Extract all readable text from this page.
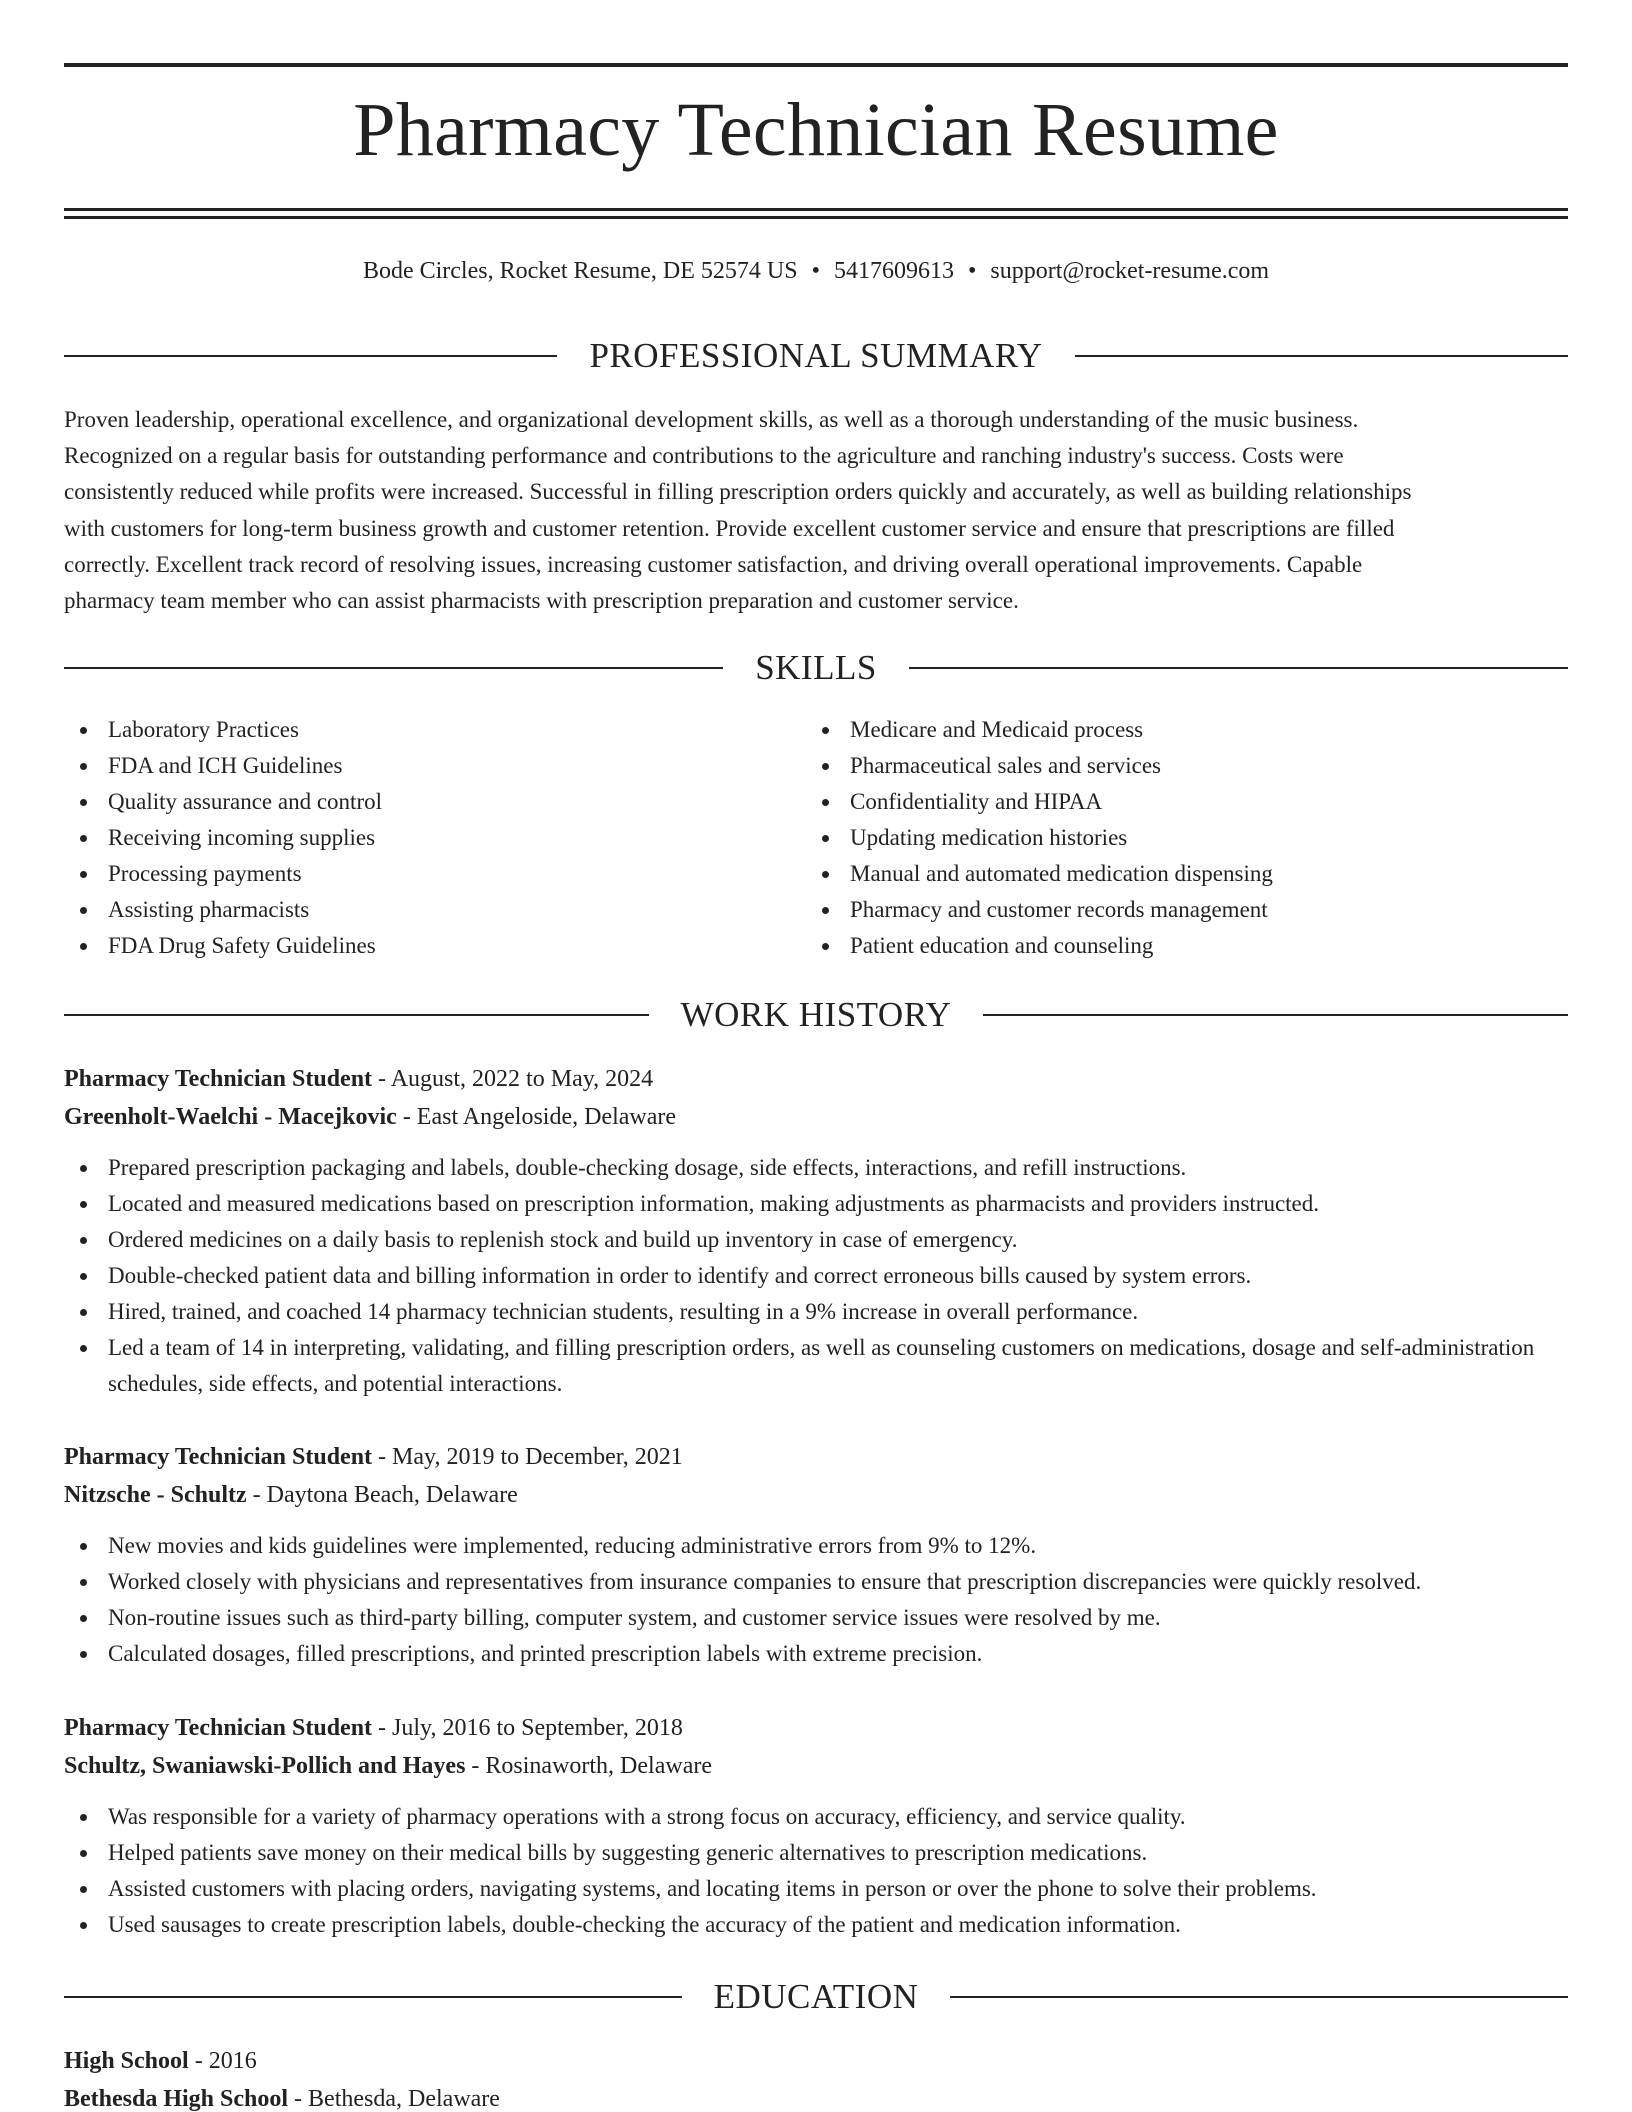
Pharmacy Technician Resume
Bode Circles, Rocket Resume, DE 52574 US • 5417609613 • support@rocket-resume.com
PROFESSIONAL SUMMARY
Proven leadership, operational excellence, and organizational development skills, as well as a thorough understanding of the music business.
Recognized on a regular basis for outstanding performance and contributions to the agriculture and ranching industry's success. Costs were
consistently reduced while profits were increased. Successful in filling prescription orders quickly and accurately, as well as building relationships
with customers for long-term business growth and customer retention. Provide excellent customer service and ensure that prescriptions are filled
correctly. Excellent track record of resolving issues, increasing customer satisfaction, and driving overall operational improvements. Capable
pharmacy team member who can assist pharmacists with prescription preparation and customer service.
SKILLS
Laboratory Practices
FDA and ICH Guidelines
Quality assurance and control
Receiving incoming supplies
Processing payments
Assisting pharmacists
FDA Drug Safety Guidelines
Medicare and Medicaid process
Pharmaceutical sales and services
Confidentiality and HIPAA
Updating medication histories
Manual and automated medication dispensing
Pharmacy and customer records management
Patient education and counseling
WORK HISTORY
Pharmacy Technician Student - August, 2022 to May, 2024
Greenholt-Waelchi - Macejkovic - East Angeloside, Delaware
Prepared prescription packaging and labels, double-checking dosage, side effects, interactions, and refill instructions.
Located and measured medications based on prescription information, making adjustments as pharmacists and providers instructed.
Ordered medicines on a daily basis to replenish stock and build up inventory in case of emergency.
Double-checked patient data and billing information in order to identify and correct erroneous bills caused by system errors.
Hired, trained, and coached 14 pharmacy technician students, resulting in a 9% increase in overall performance.
Led a team of 14 in interpreting, validating, and filling prescription orders, as well as counseling customers on medications, dosage and self-administration schedules, side effects, and potential interactions.
Pharmacy Technician Student - May, 2019 to December, 2021
Nitzsche - Schultz - Daytona Beach, Delaware
New movies and kids guidelines were implemented, reducing administrative errors from 9% to 12%.
Worked closely with physicians and representatives from insurance companies to ensure that prescription discrepancies were quickly resolved.
Non-routine issues such as third-party billing, computer system, and customer service issues were resolved by me.
Calculated dosages, filled prescriptions, and printed prescription labels with extreme precision.
Pharmacy Technician Student - July, 2016 to September, 2018
Schultz, Swaniawski-Pollich and Hayes - Rosinaworth, Delaware
Was responsible for a variety of pharmacy operations with a strong focus on accuracy, efficiency, and service quality.
Helped patients save money on their medical bills by suggesting generic alternatives to prescription medications.
Assisted customers with placing orders, navigating systems, and locating items in person or over the phone to solve their problems.
Used sausages to create prescription labels, double-checking the accuracy of the patient and medication information.
EDUCATION
High School - 2016
Bethesda High School - Bethesda, Delaware
